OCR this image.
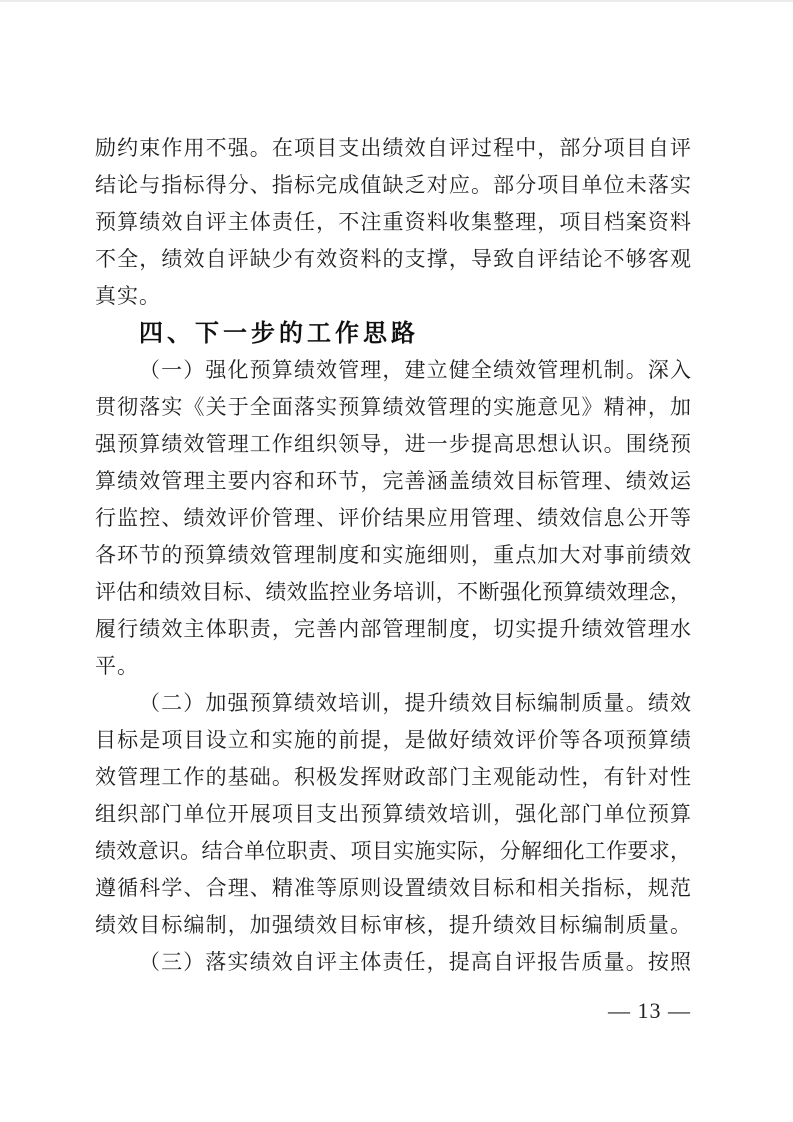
励约束作用不强。在项目支出绩效自评过程中，部分项目自评
结论与指标得分、指标完成值缺乏对应。部分项目单位未落实
预算绩效自评主体责任，不注重资料收集整理，项目档案资料
不全，绩效自评缺少有效资料的支撑，导致自评结论不够客观
真实。
四、下一步的工作思路
（一）强化预算绩效管理，建立健全绩效管理机制。深入
贯彻落实《关于全面落实预算绩效管理的实施意见》精神，加
强预算绩效管理工作组织领导，进一步提高思想认识。围绕预
算绩效管理主要内容和环节，完善涵盖绩效目标管理、绩效运
行监控、绩效评价管理、评价结果应用管理、绩效信息公开等
各环节的预算绩效管理制度和实施细则，重点加大对事前绩效
评估和绩效目标、绩效监控业务培训，不断强化预算绩效理念，
履行绩效主体职责，完善内部管理制度，切实提升绩效管理水
平。
（二）加强预算绩效培训，提升绩效目标编制质量。绩效
目标是项目设立和实施的前提，是做好绩效评价等各项预算绩
效管理工作的基础。积极发挥财政部门主观能动性，有针对性
组织部门单位开展项目支出预算绩效培训，强化部门单位预算
绩效意识。结合单位职责、项目实施实际，分解细化工作要求，
遵循科学、合理、精准等原则设置绩效目标和相关指标，规范
绩效目标编制，加强绩效目标审核，提升绩效目标编制质量。
（三）落实绩效自评主体责任，提高自评报告质量。按照
— 13 —
